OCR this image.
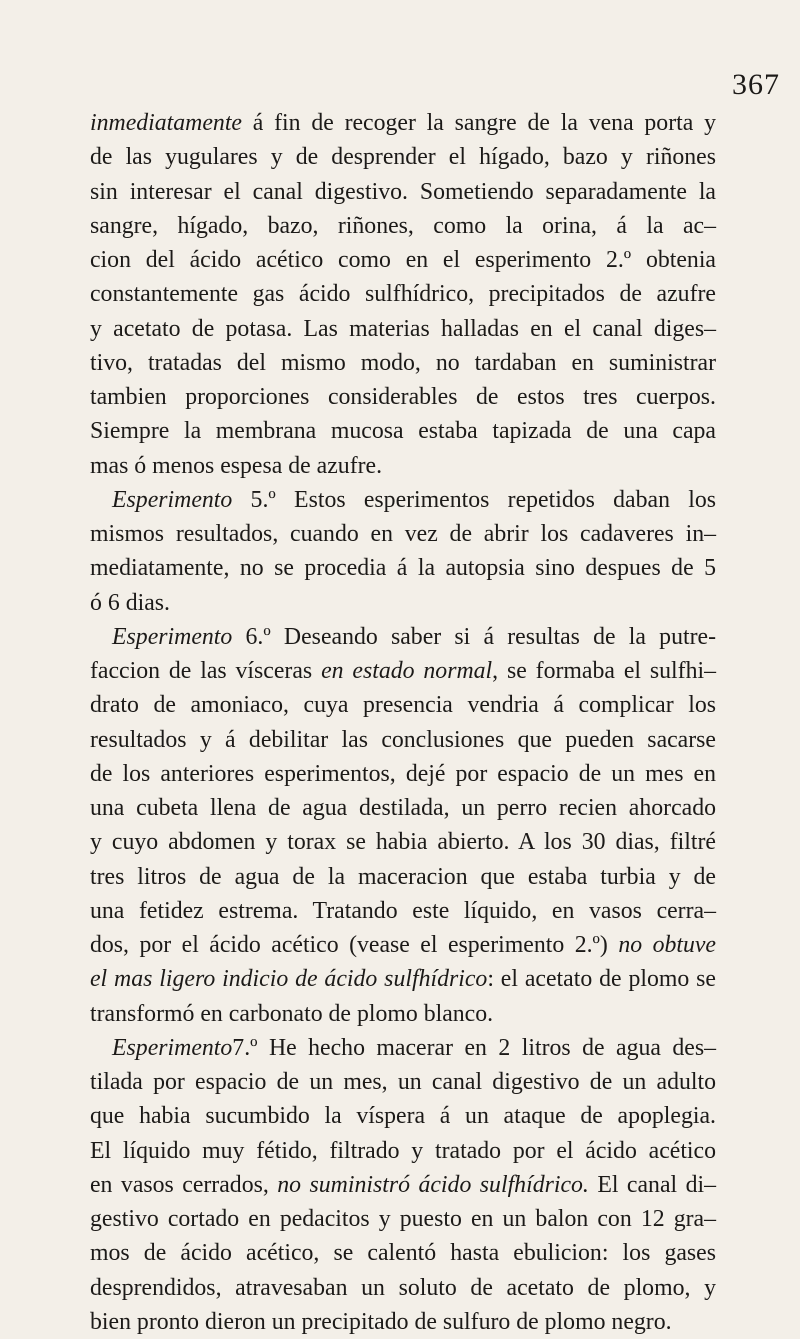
367
inmediatamente á fin de recoger la sangre de la vena porta y
de las yugulares y de desprender el hígado, bazo y riñones
sin interesar el canal digestivo. Sometiendo separadamente la
sangre, hígado, bazo, riñones, como la orina, á la ac–
cion del ácido acético como en el esperimento 2.º obtenia
constantemente gas ácido sulfhídrico, precipitados de azufre
y acetato de potasa. Las materias halladas en el canal diges–
tivo, tratadas del mismo modo, no tardaban en suministrar
tambien proporciones considerables de estos tres cuerpos.
Siempre la membrana mucosa estaba tapizada de una capa
mas ó menos espesa de azufre.
Esperimento 5.º Estos esperimentos repetidos daban los
mismos resultados, cuando en vez de abrir los cadaveres in–
mediatamente, no se procedia á la autopsia sino despues de 5
ó 6 dias.
Esperimento 6.º Deseando saber si á resultas de la putre-
faccion de las vísceras en estado normal, se formaba el sulfhi–
drato de amoniaco, cuya presencia vendria á complicar los
resultados y á debilitar las conclusiones que pueden sacarse
de los anteriores esperimentos, dejé por espacio de un mes en
una cubeta llena de agua destilada, un perro recien ahorcado
y cuyo abdomen y torax se habia abierto. A los 30 dias, filtré
tres litros de agua de la maceracion que estaba turbia y de
una fetidez estrema. Tratando este líquido, en vasos cerra–
dos, por el ácido acético (vease el esperimento 2.º) no obtuve
el mas ligero indicio de ácido sulfhídrico: el acetato de plomo se
transformó en carbonato de plomo blanco.
Esperimento7.º He hecho macerar en 2 litros de agua des–
tilada por espacio de un mes, un canal digestivo de un adulto
que habia sucumbido la víspera á un ataque de apoplegia.
El líquido muy fétido, filtrado y tratado por el ácido acético
en vasos cerrados, no suministró ácido sulfhídrico. El canal di–
gestivo cortado en pedacitos y puesto en un balon con 12 gra–
mos de ácido acético, se calentó hasta ebulicion: los gases
desprendidos, atravesaban un soluto de acetato de plomo, y
bien pronto dieron un precipitado de sulfuro de plomo negro.
